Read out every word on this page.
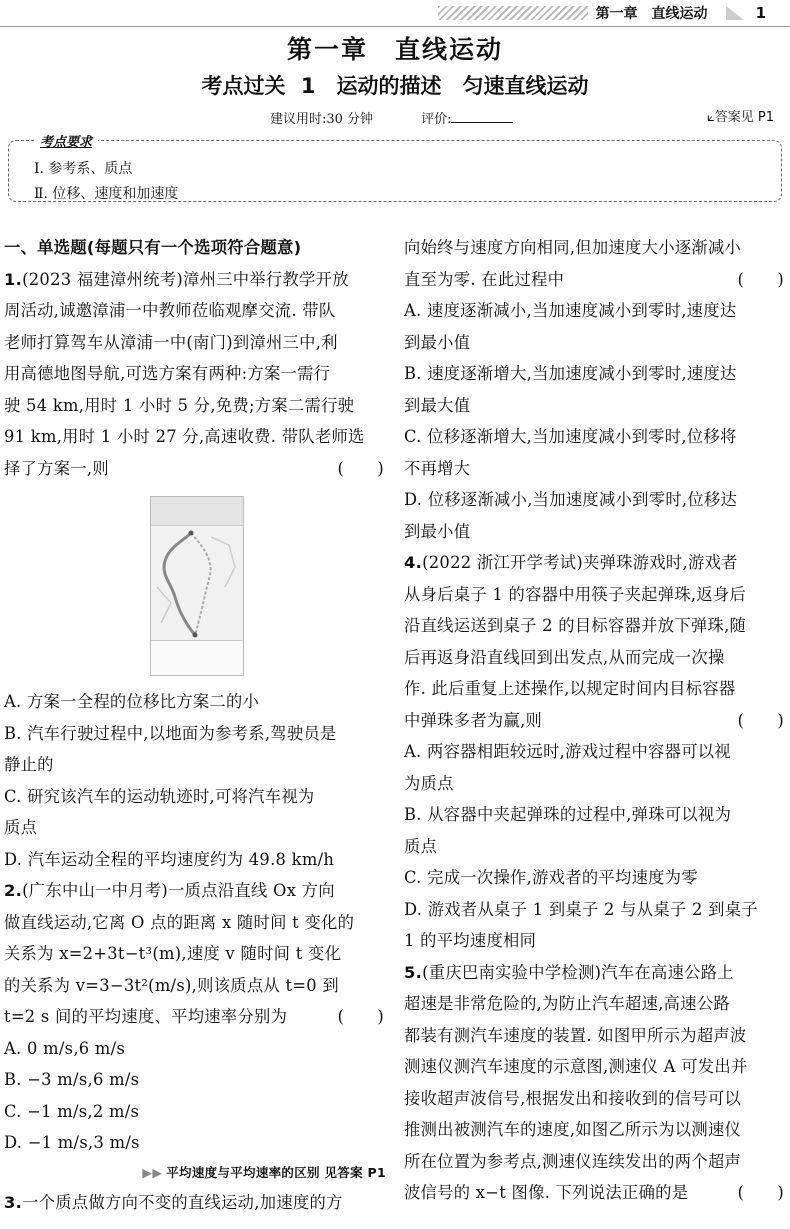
第一章　直线运动	1
第一章　直线运动
考点过关 1　运动的描述　匀速直线运动
建议用时:30 分钟	评价:	⟀答案见 P1
考点要求
Ⅰ. 参考系、质点
Ⅱ. 位移、速度和加速度

一、单选题(每题只有一个选项符合题意)

1.(2023 福建漳州统考)漳州三中举行教学开放

周活动,诚邀漳浦一中教师莅临观摩交流. 带队

老师打算驾车从漳浦一中(南门)到漳州三中,利

用高德地图导航,可选方案有两种:方案一需行

驶 54 km,用时 1 小时 5 分,免费;方案二需行驶

91 km,用时 1 小时 27 分,高速收费. 带队老师选

择了方案一,则	(　　)

A. 方案一全程的位移比方案二的小

B. 汽车行驶过程中,以地面为参考系,驾驶员是

静止的

C. 研究该汽车的运动轨迹时,可将汽车视为

质点

D. 汽车运动全程的平均速度约为 49.8 km/h

2.(广东中山一中月考)一质点沿直线 Ox 方向

做直线运动,它离 O 点的距离 x 随时间 t 变化的

关系为 x=2+3t−t³(m),速度 v 随时间 t 变化

的关系为 v=3−3t²(m/s),则该质点从 t=0 到

t=2 s 间的平均速度、平均速率分别为	(　　)

A. 0 m/s,6 m/s

B. −3 m/s,6 m/s

C. −1 m/s,2 m/s

D. −1 m/s,3 m/s

▶▶ 平均速度与平均速率的区别 见答案 P1

3.一个质点做方向不变的直线运动,加速度的方

向始终与速度方向相同,但加速度大小逐渐减小

直至为零. 在此过程中	(　　)

A. 速度逐渐减小,当加速度减小到零时,速度达

到最小值

B. 速度逐渐增大,当加速度减小到零时,速度达

到最大值

C. 位移逐渐增大,当加速度减小到零时,位移将

不再增大

D. 位移逐渐减小,当加速度减小到零时,位移达

到最小值

4.(2022 浙江开学考试)夹弹珠游戏时,游戏者

从身后桌子 1 的容器中用筷子夹起弹珠,返身后

沿直线运送到桌子 2 的目标容器并放下弹珠,随

后再返身沿直线回到出发点,从而完成一次操

作. 此后重复上述操作,以规定时间内目标容器

中弹珠多者为赢,则	(　　)

A. 两容器相距较远时,游戏过程中容器可以视

为质点

B. 从容器中夹起弹珠的过程中,弹珠可以视为

质点

C. 完成一次操作,游戏者的平均速度为零

D. 游戏者从桌子 1 到桌子 2 与从桌子 2 到桌子

1 的平均速度相同

5.(重庆巴南实验中学检测)汽车在高速公路上

超速是非常危险的,为防止汽车超速,高速公路

都装有测汽车速度的装置. 如图甲所示为超声波

测速仪测汽车速度的示意图,测速仪 A 可发出并

接收超声波信号,根据发出和接收到的信号可以

推测出被测汽车的速度,如图乙所示为以测速仪

所在位置为参考点,测速仪连续发出的两个超声

波信号的 x−t 图像. 下列说法正确的是	(　　)
